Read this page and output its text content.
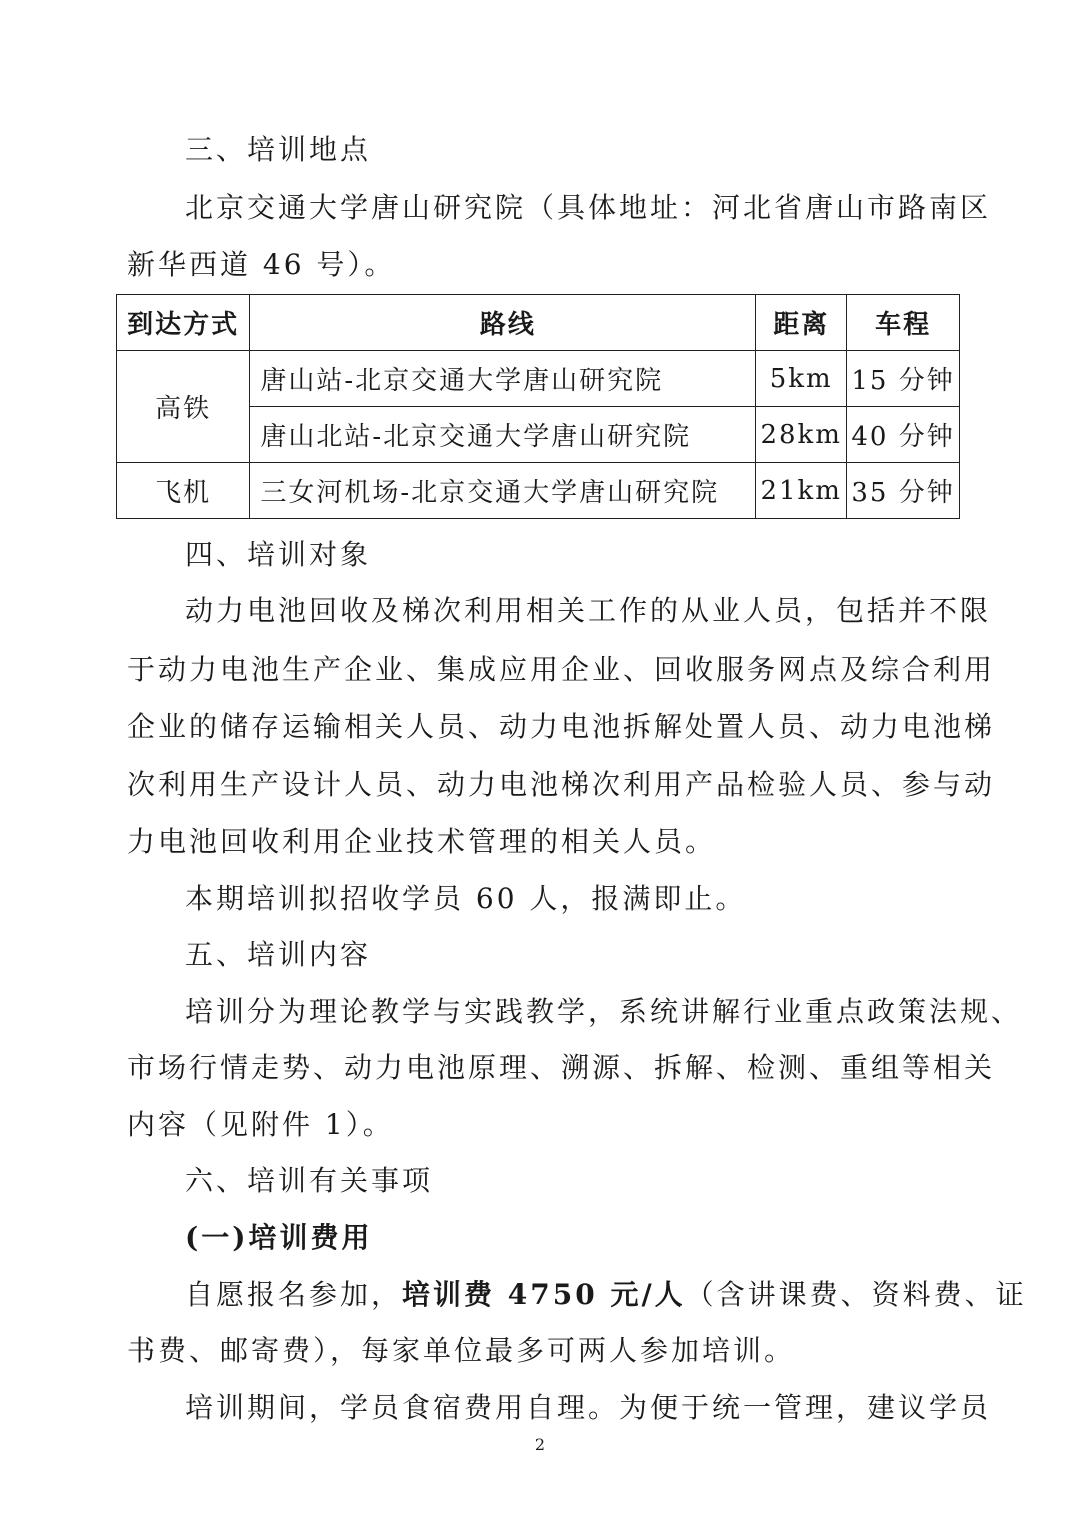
三、培训地点
北京交通大学唐山研究院（具体地址：河北省唐山市路南区
新华西道 46 号）。
到达方式	路线	距离	车程
高铁	唐山站-北京交通大学唐山研究院	5km	15 分钟
	唐山北站-北京交通大学唐山研究院	28km	40 分钟
飞机	三女河机场-北京交通大学唐山研究院	21km	35 分钟
四、培训对象
动力电池回收及梯次利用相关工作的从业人员，包括并不限
于动力电池生产企业、集成应用企业、回收服务网点及综合利用
企业的储存运输相关人员、动力电池拆解处置人员、动力电池梯
次利用生产设计人员、动力电池梯次利用产品检验人员、参与动
力电池回收利用企业技术管理的相关人员。
本期培训拟招收学员 60 人，报满即止。
五、培训内容
培训分为理论教学与实践教学，系统讲解行业重点政策法规、
市场行情走势、动力电池原理、溯源、拆解、检测、重组等相关
内容（见附件 1）。
六、培训有关事项
(一)培训费用
自愿报名参加，培训费 4750 元/人（含讲课费、资料费、证
书费、邮寄费），每家单位最多可两人参加培训。
培训期间，学员食宿费用自理。为便于统一管理，建议学员
2
